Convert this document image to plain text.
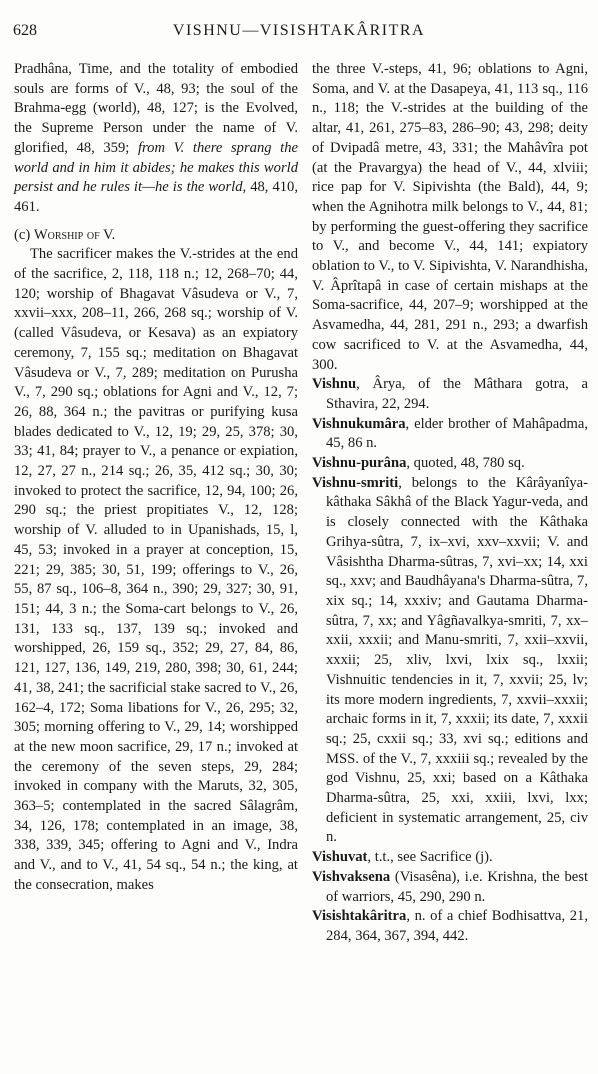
628	VISHNU—VISISHTAKÂRITRA

Pradhâna, Time, and the totality of embodied souls are forms of V., 48, 93; the soul of the Brahma-egg (world), 48, 127; is the Evolved, the Supreme Person under the name of V. glorified, 48, 359; from V. there sprang the world and in him it abides; he makes this world persist and he rules it—he is the world, 48, 410, 461.

(c) Worship of V.

The sacrificer makes the V.-strides at the end of the sacrifice, 2, 118, 118 n.; 12, 268–70; 44, 120; worship of Bhagavat Vâsudeva or V., 7, xxvii–xxx, 208–11, 266, 268 sq.; worship of V. (called Vâsudeva, or Kesava) as an expiatory ceremony, 7, 155 sq.; meditation on Bhagavat Vâsudeva or V., 7, 289; meditation on Purusha V., 7, 290 sq.; oblations for Agni and V., 12, 7; 26, 88, 364 n.; the pavitras or purifying kusa blades dedicated to V., 12, 19; 29, 25, 378; 30, 33; 41, 84; prayer to V., a penance or expiation, 12, 27, 27 n., 214 sq.; 26, 35, 412 sq.; 30, 30; invoked to protect the sacrifice, 12, 94, 100; 26, 290 sq.; the priest propitiates V., 12, 128; worship of V. alluded to in Upanishads, 15, l, 45, 53; invoked in a prayer at conception, 15, 221; 29, 385; 30, 51, 199; offerings to V., 26, 55, 87 sq., 106–8, 364 n., 390; 29, 327; 30, 91, 151; 44, 3 n.; the Soma-cart belongs to V., 26, 131, 133 sq., 137, 139 sq.; invoked and worshipped, 26, 159 sq., 352; 29, 27, 84, 86, 121, 127, 136, 149, 219, 280, 398; 30, 61, 244; 41, 38, 241; the sacrificial stake sacred to V., 26, 162–4, 172; Soma libations for V., 26, 295; 32, 305; morning offering to V., 29, 14; worshipped at the new moon sacrifice, 29, 17 n.; invoked at the ceremony of the seven steps, 29, 284; invoked in company with the Maruts, 32, 305, 363–5; contemplated in the sacred Sâlagrâm, 34, 126, 178; contemplated in an image, 38, 338, 339, 345; offering to Agni and V., Indra and V., and to V., 41, 54 sq., 54 n.; the king, at the consecration, makes

the three V.-steps, 41, 96; oblations to Agni, Soma, and V. at the Dasapeya, 41, 113 sq., 116 n., 118; the V.-strides at the building of the altar, 41, 261, 275–83, 286–90; 43, 298; deity of Dvipadâ metre, 43, 331; the Mahâvîra pot (at the Pravargya) the head of V., 44, xlviii; rice pap for V. Sipivishta (the Bald), 44, 9; when the Agnihotra milk belongs to V., 44, 81; by performing the guest-offering they sacrifice to V., and become V., 44, 141; expiatory oblation to V., to V. Sipivishta, V. Narandhisha, V. Âprîtapâ in case of certain mishaps at the Soma-sacrifice, 44, 207–9; worshipped at the Asvamedha, 44, 281, 291 n., 293; a dwarfish cow sacrificed to V. at the Asvamedha, 44, 300.

Vishnu, Ârya, of the Mâthara gotra, a Sthavira, 22, 294.

Vishnukumâra, elder brother of Mahâpadma, 45, 86 n.

Vishnu-purâna, quoted, 48, 780 sq.

Vishnu-smriti, belongs to the Kârâyanîya-kâthaka Sâkhâ of the Black Yagur-veda, and is closely connected with the Kâthaka Grihya-sûtra, 7, ix–xvi, xxv–xxvii; V. and Vâsishtha Dharma-sûtras, 7, xvi–xx; 14, xxi sq., xxv; and Baudhâyana's Dharma-sûtra, 7, xix sq.; 14, xxxiv; and Gautama Dharma-sûtra, 7, xx; and Yâgñavalkya-smriti, 7, xx–xxii, xxxii; and Manu-smriti, 7, xxii–xxvii, xxxii; 25, xliv, lxvi, lxix sq., lxxii; Vishnuitic tendencies in it, 7, xxvii; 25, lv; its more modern ingredients, 7, xxvii–xxxii; archaic forms in it, 7, xxxii; its date, 7, xxxii sq.; 25, cxxii sq.; 33, xvi sq.; editions and MSS. of the V., 7, xxxiii sq.; revealed by the god Vishnu, 25, xxi; based on a Kâthaka Dharma-sûtra, 25, xxi, xxiii, lxvi, lxx; deficient in systematic arrangement, 25, civ n.

Vishuvat, t.t., see Sacrifice (j).

Vishvaksena (Visasêna), i.e. Krishna, the best of warriors, 45, 290, 290 n.

Visishtakâritra, n. of a chief Bodhisattva, 21, 284, 364, 367, 394, 442.
